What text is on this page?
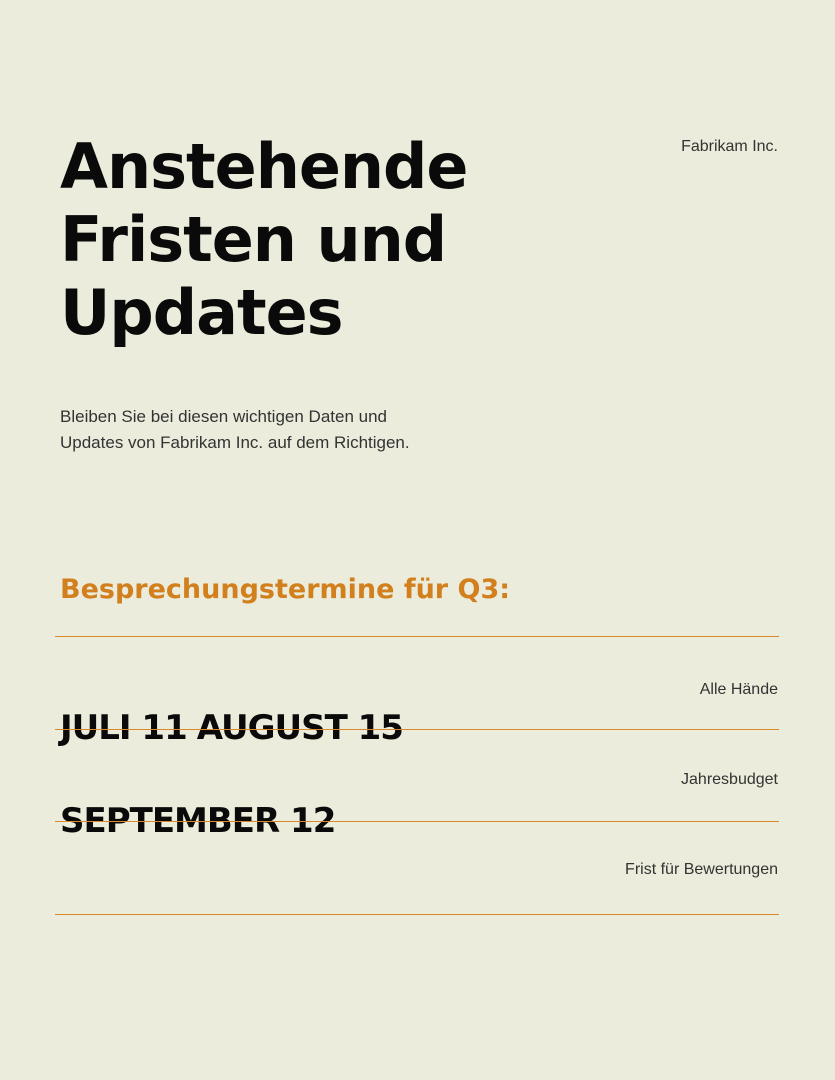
Fabrikam Inc.
Anstehende
Fristen und
Updates

Bleiben Sie bei diesen wichtigen Daten und
Updates von Fabrikam Inc. auf dem Richtigen.

Besprechungstermine für Q3:
Alle Hände
JULI 11 AUGUST 15
Jahresbudget
SEPTEMBER 12
Frist für Bewertungen
